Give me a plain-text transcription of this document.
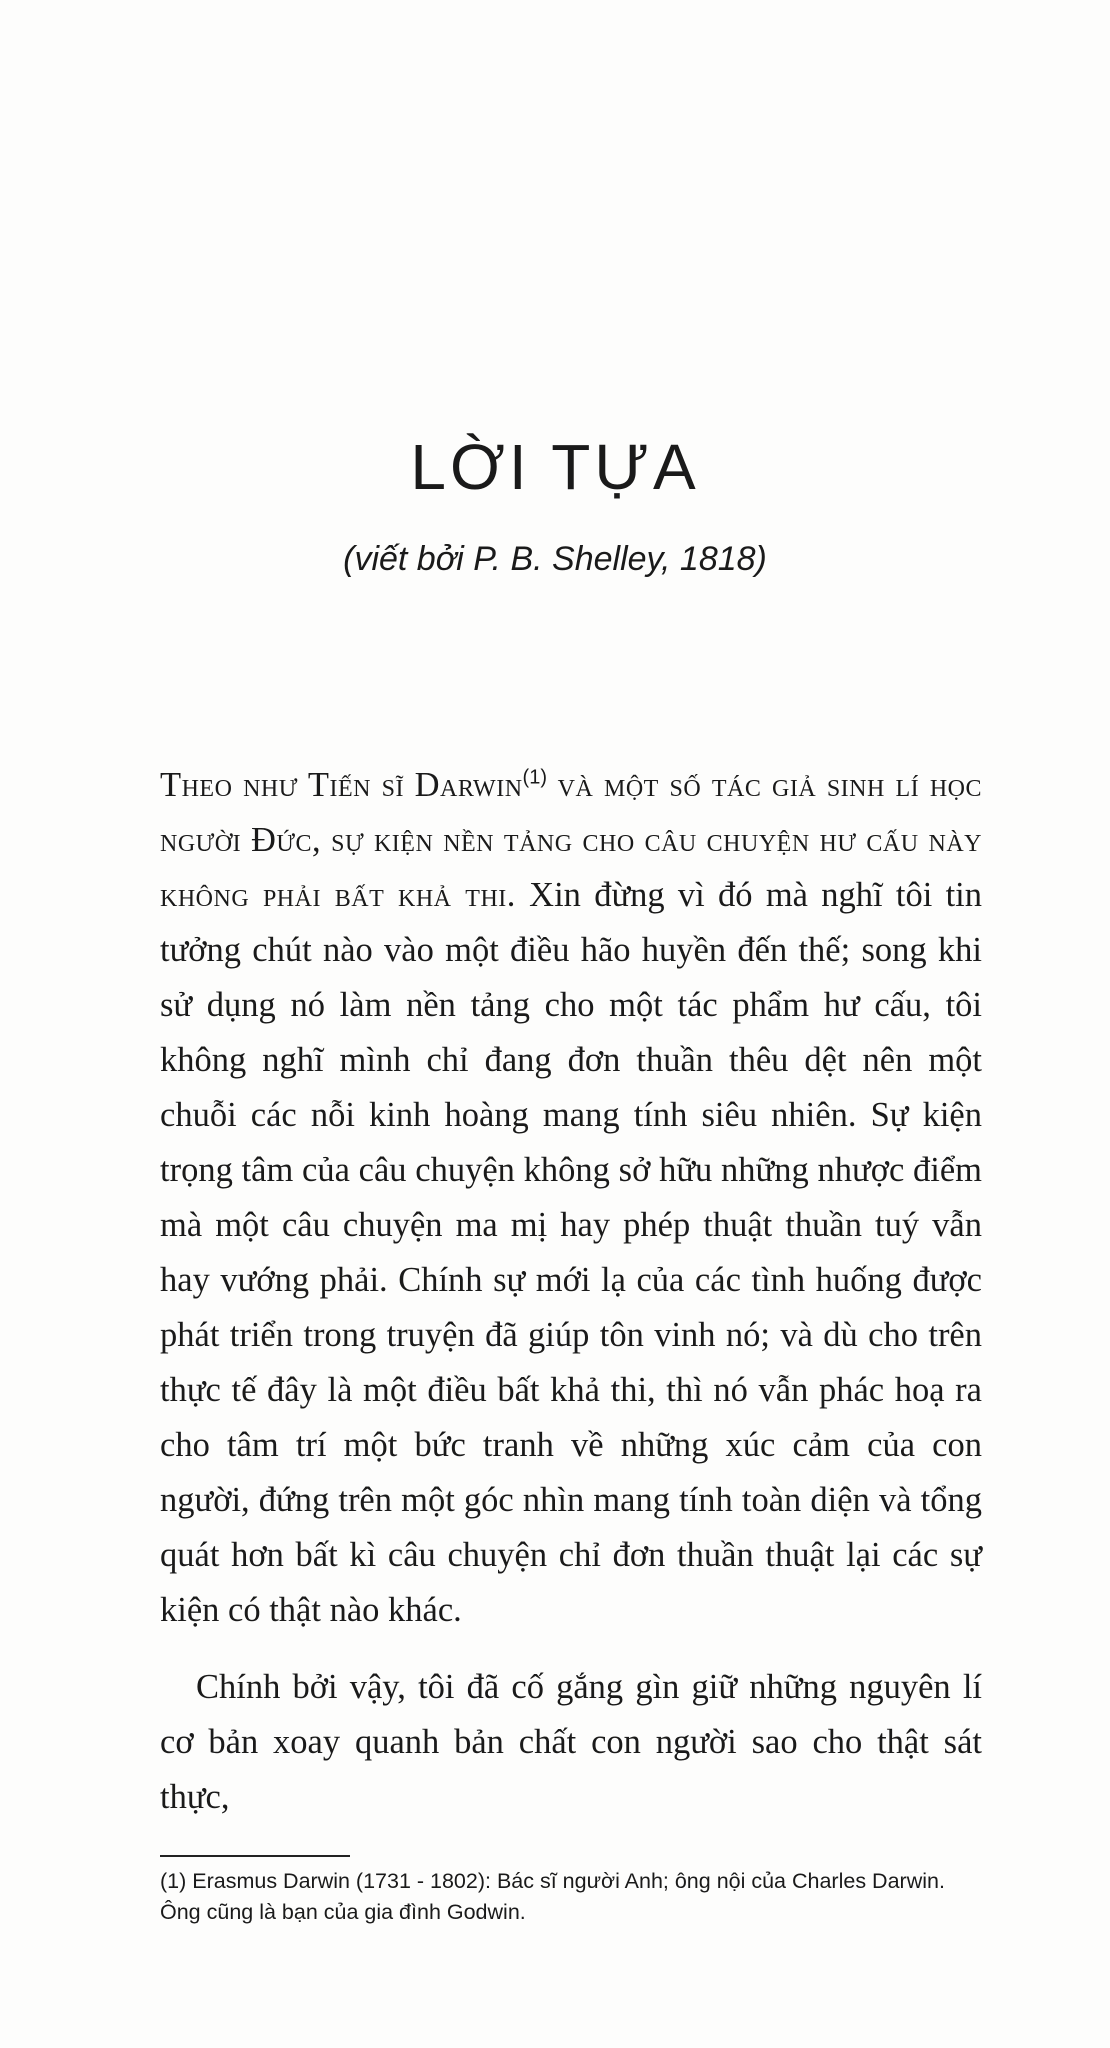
LỜI TỰA
(viết bởi P. B. Shelley, 1818)

Theo như Tiến sĩ Darwin$^{(1)}$ và một số tác giả sinh lí học người Đức, sự kiện nền tảng cho câu chuyện hư cấu này không phải bất khả thi. Xin đừng vì đó mà nghĩ tôi tin tưởng chút nào vào một điều hão huyền đến thế; song khi sử dụng nó làm nền tảng cho một tác phẩm hư cấu, tôi không nghĩ mình chỉ đang đơn thuần thêu dệt nên một chuỗi các nỗi kinh hoàng mang tính siêu nhiên. Sự kiện trọng tâm của câu chuyện không sở hữu những nhược điểm mà một câu chuyện ma mị hay phép thuật thuần tuý vẫn hay vướng phải. Chính sự mới lạ của các tình huống được phát triển trong truyện đã giúp tôn vinh nó; và dù cho trên thực tế đây là một điều bất khả thi, thì nó vẫn phác hoạ ra cho tâm trí một bức tranh về những xúc cảm của con người, đứng trên một góc nhìn mang tính toàn diện và tổng quát hơn bất kì câu chuyện chỉ đơn thuần thuật lại các sự kiện có thật nào khác.

Chính bởi vậy, tôi đã cố gắng gìn giữ những nguyên lí cơ bản xoay quanh bản chất con người sao cho thật sát thực,

(1) Erasmus Darwin (1731 - 1802): Bác sĩ người Anh; ông nội của Charles Darwin. Ông cũng là bạn của gia đình Godwin.
